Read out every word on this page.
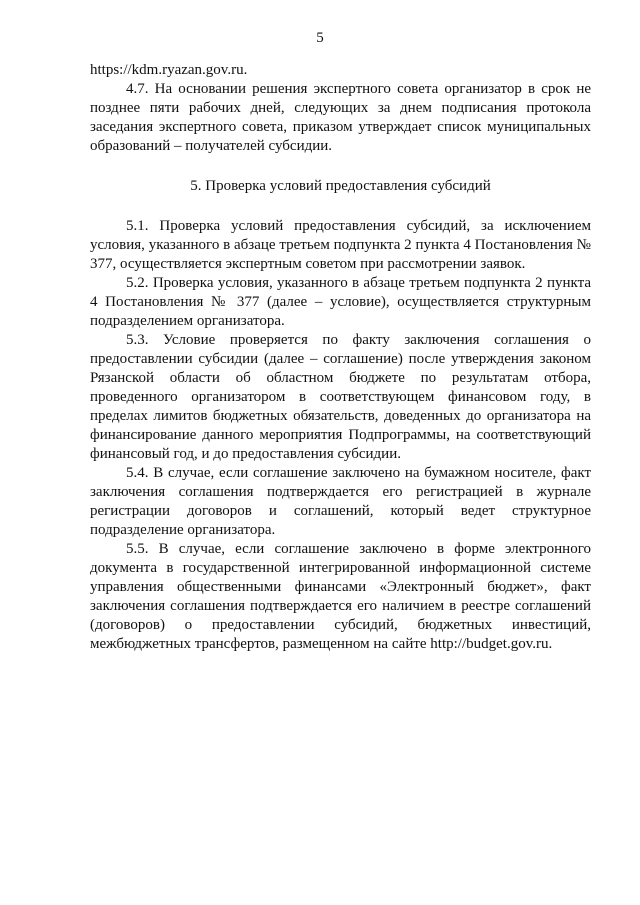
5

https://kdm.ryazan.gov.ru.

4.7. На основании решения экспертного совета организатор в срок не позднее пяти рабочих дней, следующих за днем подписания протокола заседания экспертного совета, приказом утверждает список муниципальных образований – получателей субсидии.

5. Проверка условий предоставления субсидий

5.1. Проверка условий предоставления субсидий, за исключением условия, указанного в абзаце третьем подпункта 2 пункта 4 Постановления № 377, осуществляется экспертным советом при рассмотрении заявок.

5.2. Проверка условия, указанного в абзаце третьем подпункта 2 пункта 4 Постановления № 377 (далее – условие), осуществляется структурным подразделением организатора.

5.3. Условие проверяется по факту заключения соглашения о предоставлении субсидии (далее – соглашение) после утверждения законом Рязанской области об областном бюджете по результатам отбора, проведенного организатором в соответствующем финансовом году, в пределах лимитов бюджетных обязательств, доведенных до организатора на финансирование данного мероприятия Подпрограммы, на соответствующий финансовый год, и до предоставления субсидии.

5.4. В случае, если соглашение заключено на бумажном носителе, факт заключения соглашения подтверждается его регистрацией в журнале регистрации договоров и соглашений, который ведет структурное подразделение организатора.

5.5. В случае, если соглашение заключено в форме электронного документа в государственной интегрированной информационной системе управления общественными финансами «Электронный бюджет», факт заключения соглашения подтверждается его наличием в реестре соглашений (договоров) о предоставлении субсидий, бюджетных инвестиций, межбюджетных трансфертов, размещенном на сайте http://budget.gov.ru.
